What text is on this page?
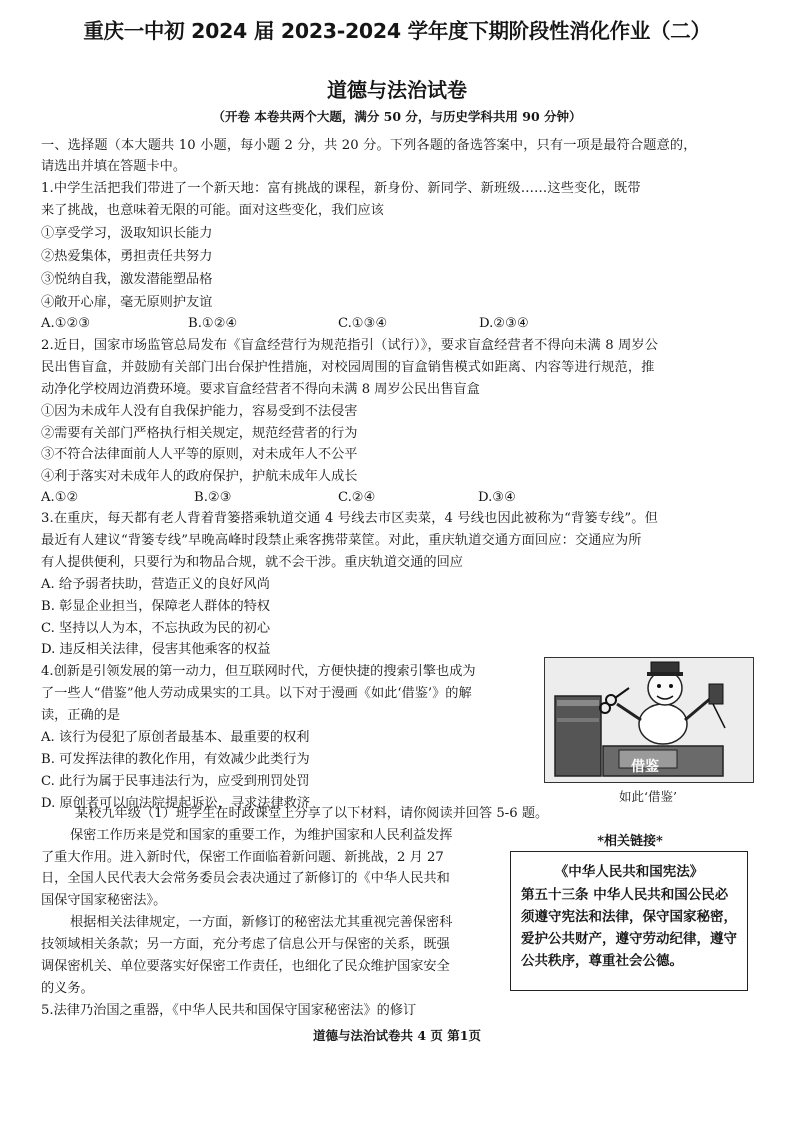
重庆一中初 2024 届 2023-2024 学年度下期阶段性消化作业（二）
道德与法治试卷
（开卷 本卷共两个大题，满分 50 分，与历史学科共用 90 分钟）
一、选择题（本大题共 10 小题，每小题 2 分，共 20 分。下列各题的备选答案中，只有一项是最符合题意的，
请选出并填在答题卡中。
1.中学生活把我们带进了一个新天地：富有挑战的课程，新身份、新同学、新班级……这些变化，既带
来了挑战，也意味着无限的可能。面对这些变化，我们应该
①享受学习，汲取知识长能力
②热爱集体，勇担责任共努力
③悦纳自我，激发潜能塑品格
④敞开心扉，毫无原则护友谊
A.①②③	B.①②④	C.①③④	D.②③④
2.近日，国家市场监管总局发布《盲盒经营行为规范指引（试行）》，要求盲盒经营者不得向未满 8 周岁公
民出售盲盒，并鼓励有关部门出台保护性措施，对校园周围的盲盒销售模式如距离、内容等进行规范，推
动净化学校周边消费环境。要求盲盒经营者不得向未满 8 周岁公民出售盲盒
①因为未成年人没有自我保护能力，容易受到不法侵害
②需要有关部门严格执行相关规定，规范经营者的行为
③不符合法律面前人人平等的原则，对未成年人不公平
④利于落实对未成年人的政府保护，护航未成年人成长
A.①②	B.②③	C.②④	D.③④
3.在重庆，每天都有老人背着背篓搭乘轨道交通 4 号线去市区卖菜，4 号线也因此被称为“背篓专线”。但
最近有人建议“背篓专线”早晚高峰时段禁止乘客携带菜筐。对此，重庆轨道交通方面回应：交通应为所
有人提供便利，只要行为和物品合规，就不会干涉。重庆轨道交通的回应
A. 给予弱者扶助，营造正义的良好风尚
B. 彰显企业担当，保障老人群体的特权
C. 坚持以人为本，不忘执政为民的初心
D. 违反相关法律，侵害其他乘客的权益
4.创新是引领发展的第一动力，但互联网时代，方便快捷的搜索引擎也成为
了一些人“借鉴”他人劳动成果实的工具。以下对于漫画《如此‘借鉴’》的解
读，正确的是
A. 该行为侵犯了原创者最基本、最重要的权利
B. 可发挥法律的教化作用，有效减少此类行为
C. 此行为属于民事违法行为，应受到刑罚处罚
D. 原创者可以向法院提起诉讼，寻求法律救济
借鉴
如此‘借鉴’
某校九年级（1）班学生在时政课堂上分享了以下材料，请你阅读并回答 5-6 题。
保密工作历来是党和国家的重要工作，为维护国家和人民利益发挥
了重大作用。进入新时代，保密工作面临着新问题、新挑战，2 月 27
日，全国人民代表大会常务委员会表决通过了新修订的《中华人民共和
国保守国家秘密法》。
根据相关法律规定，一方面，新修订的秘密法尤其重视完善保密科
技领域相关条款；另一方面，充分考虑了信息公开与保密的关系，既强
调保密机关、单位要落实好保密工作责任，也细化了民众维护国家安全
的义务。
*相关链接*
《中华人民共和国宪法》
第五十三条 中华人民共和国公民必须遵守宪法和法律，保守国家秘密，爱护公共财产，遵守劳动纪律，遵守公共秩序，尊重社会公德。
5.法律乃治国之重器，《中华人民共和国保守国家秘密法》的修订
道德与法治试卷共 4 页 第1页
